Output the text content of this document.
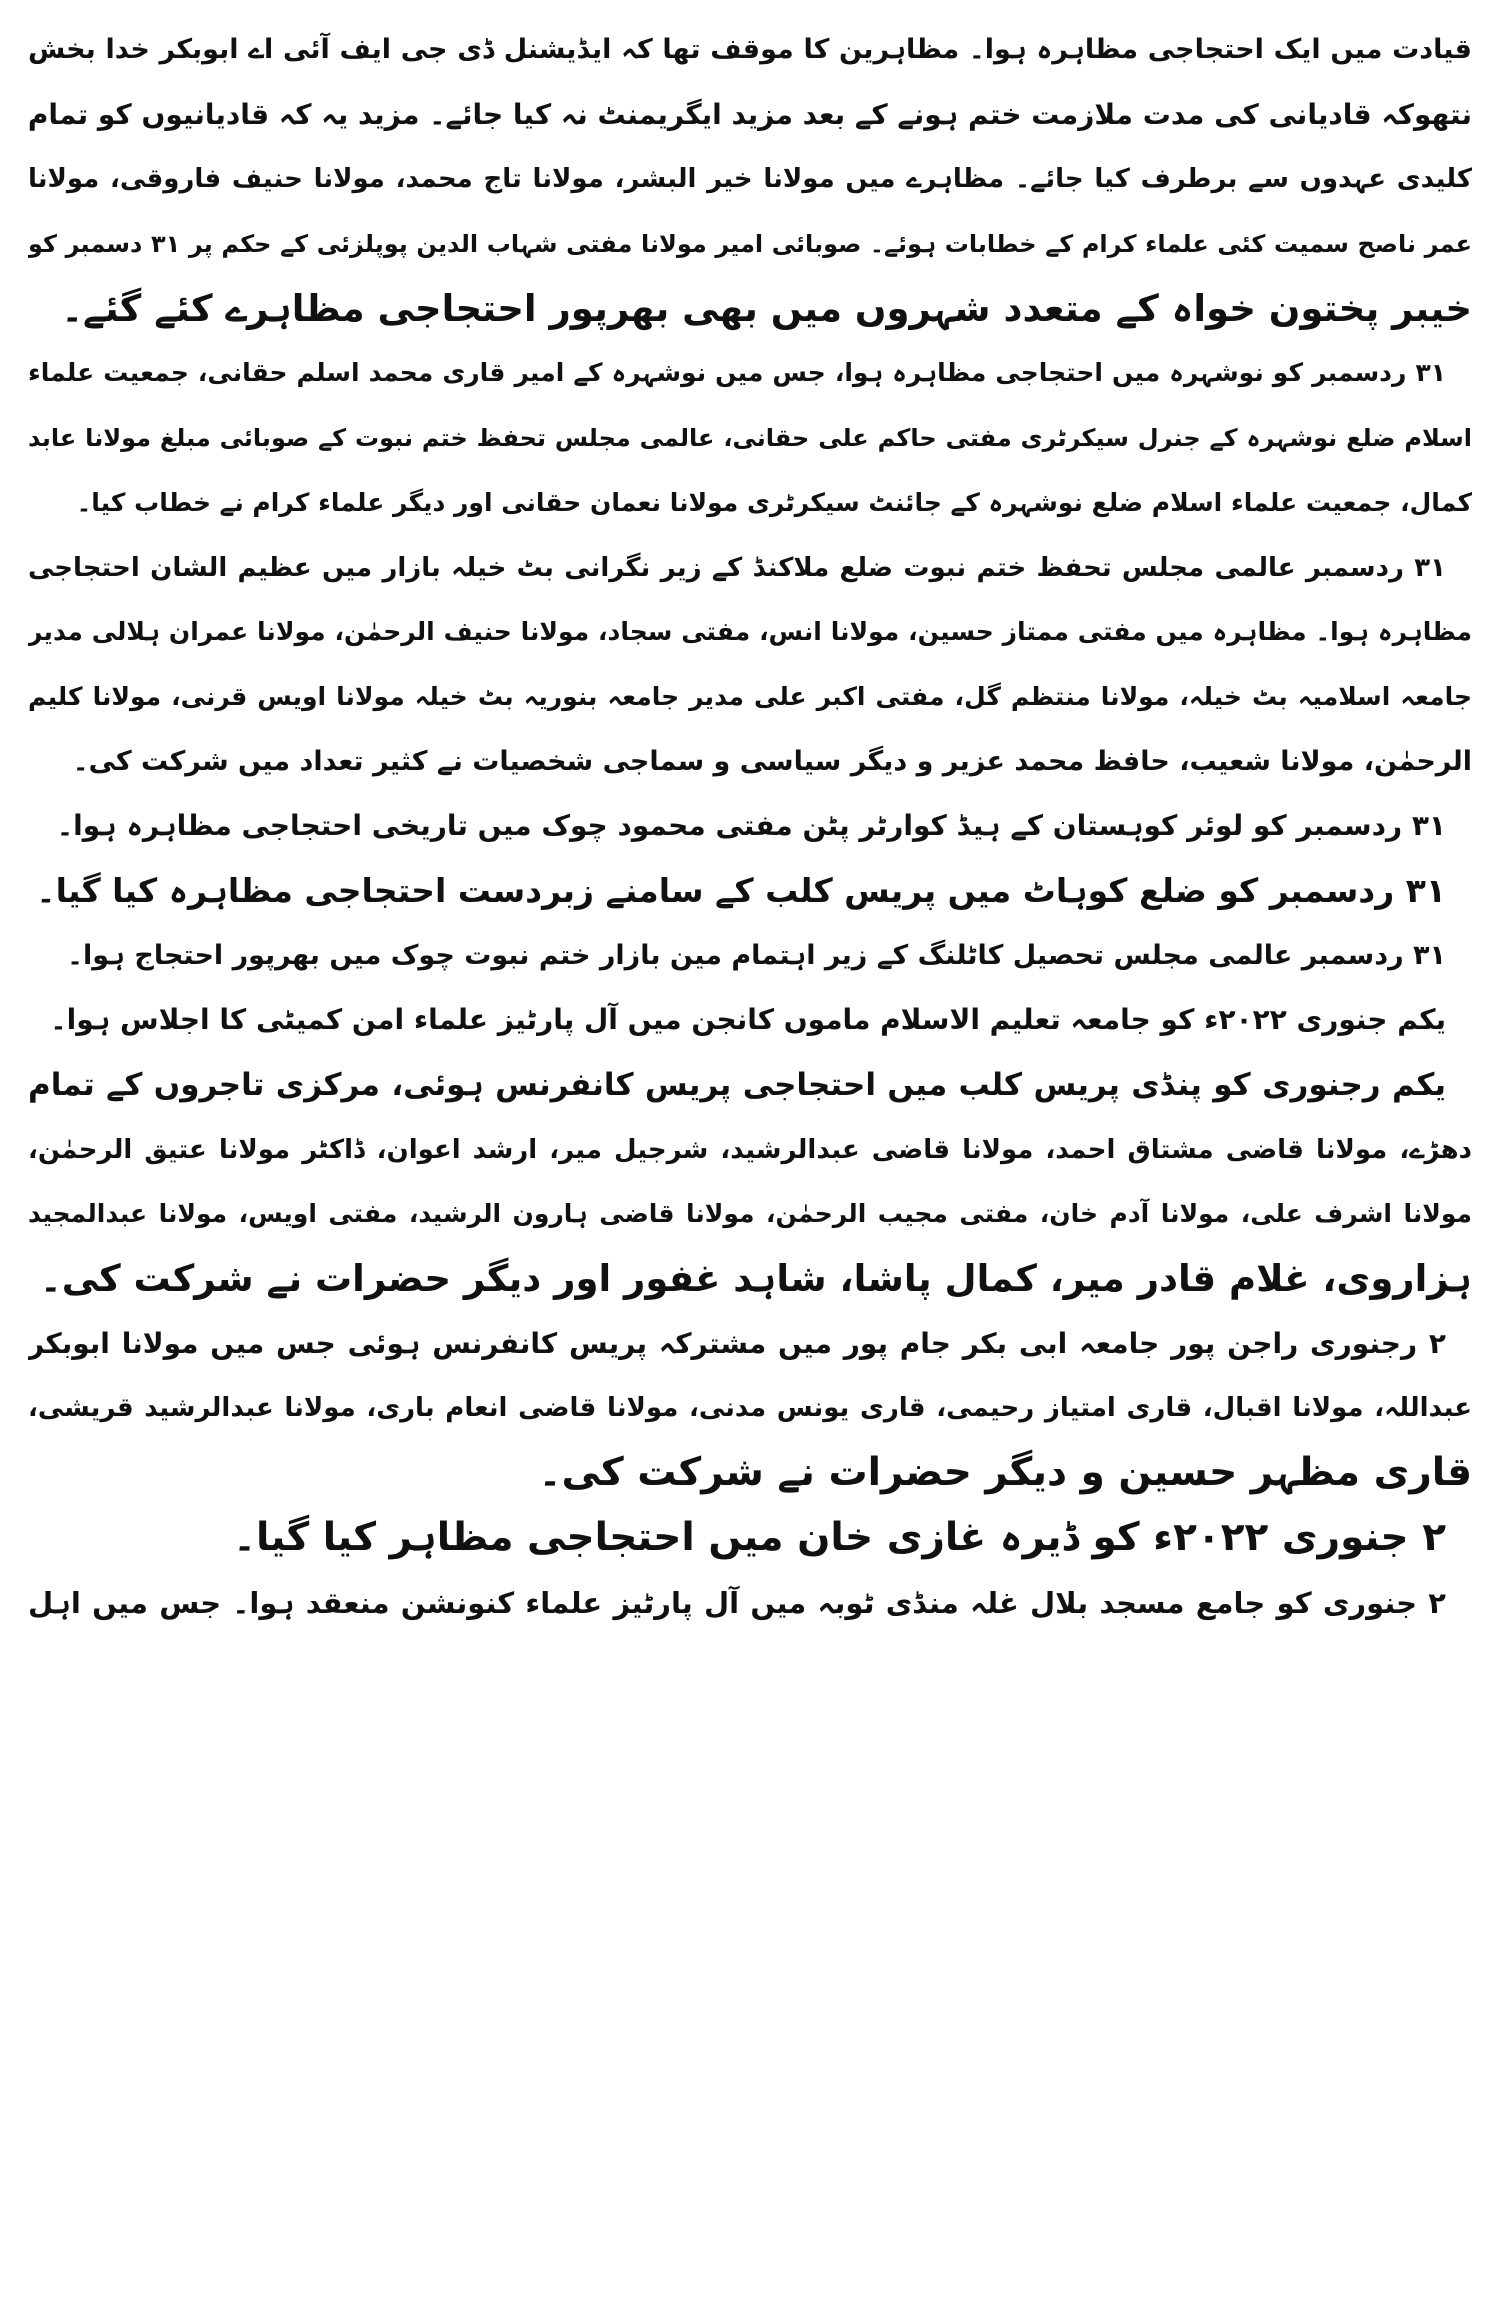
قیادت میں ایک احتجاجی مظاہرہ ہوا۔ مظاہرین کا موقف تھا کہ ایڈیشنل ڈی جی ایف آئی اے ابوبکر خدا بخش
نتھوکہ قادیانی کی مدت ملازمت ختم ہونے کے بعد مزید ایگریمنٹ نہ کیا جائے۔ مزید یہ کہ قادیانیوں کو تمام
کلیدی عہدوں سے برطرف کیا جائے۔ مظاہرے میں مولانا خیر البشر، مولانا تاج محمد، مولانا حنیف فاروقی، مولانا
عمر ناصح سمیت کئی علماء کرام کے خطابات ہوئے۔ صوبائی امیر مولانا مفتی شہاب الدین پوپلزئی کے حکم پر ۳۱ دسمبر کو
خیبر پختون خواہ کے متعدد شہروں میں بھی بھرپور احتجاجی مظاہرے کئے گئے۔
۳۱ ردسمبر کو نوشہرہ میں احتجاجی مظاہرہ ہوا، جس میں نوشہرہ کے امیر قاری محمد اسلم حقانی، جمعیت علماء
اسلام ضلع نوشہرہ کے جنرل سیکرٹری مفتی حاکم علی حقانی، عالمی مجلس تحفظ ختم نبوت کے صوبائی مبلغ مولانا عابد
کمال، جمعیت علماء اسلام ضلع نوشہرہ کے جائنٹ سیکرٹری مولانا نعمان حقانی اور دیگر علماء کرام نے خطاب کیا۔
۳۱ ردسمبر عالمی مجلس تحفظ ختم نبوت ضلع ملاکنڈ کے زیر نگرانی بٹ خیلہ بازار میں عظیم الشان احتجاجی
مظاہرہ ہوا۔ مظاہرہ میں مفتی ممتاز حسین، مولانا انس، مفتی سجاد، مولانا حنیف الرحمٰن، مولانا عمران ہلالی مدیر
جامعہ اسلامیہ بٹ خیلہ، مولانا منتظم گل، مفتی اکبر علی مدیر جامعہ بنوریہ بٹ خیلہ مولانا اویس قرنی، مولانا کلیم
الرحمٰن، مولانا شعیب، حافظ محمد عزیر و دیگر سیاسی و سماجی شخصیات نے کثیر تعداد میں شرکت کی۔
۳۱ ردسمبر کو لوئر کوہستان کے ہیڈ کوارٹر پٹن مفتی محمود چوک میں تاریخی احتجاجی مظاہرہ ہوا۔
۳۱ ردسمبر کو ضلع کوہاٹ میں پریس کلب کے سامنے زبردست احتجاجی مظاہرہ کیا گیا۔
۳۱ ردسمبر عالمی مجلس تحصیل کاٹلنگ کے زیر اہتمام مین بازار ختم نبوت چوک میں بھرپور احتجاج ہوا۔
یکم جنوری ۲۰۲۲ء کو جامعہ تعلیم الاسلام ماموں کانجن میں آل پارٹیز علماء امن کمیٹی کا اجلاس ہوا۔
یکم رجنوری کو پنڈی پریس کلب میں احتجاجی پریس کانفرنس ہوئی، مرکزی تاجروں کے تمام
دھڑے، مولانا قاضی مشتاق احمد، مولانا قاضی عبدالرشید، شرجیل میر، ارشد اعوان، ڈاکٹر مولانا عتیق الرحمٰن،
مولانا اشرف علی، مولانا آدم خان، مفتی مجیب الرحمٰن، مولانا قاضی ہارون الرشید، مفتی اویس، مولانا عبدالمجید
ہزاروی، غلام قادر میر، کمال پاشا، شاہد غفور اور دیگر حضرات نے شرکت کی۔
۲ رجنوری راجن پور جامعہ ابی بکر جام پور میں مشترکہ پریس کانفرنس ہوئی جس میں مولانا ابوبکر
عبداللہ، مولانا اقبال، قاری امتیاز رحیمی، قاری یونس مدنی، مولانا قاضی انعام باری، مولانا عبدالرشید قریشی،
قاری مظہر حسین و دیگر حضرات نے شرکت کی۔
۲ جنوری ۲۰۲۲ء کو ڈیرہ غازی خان میں احتجاجی مظاہر کیا گیا۔
۲ جنوری کو جامع مسجد بلال غلہ منڈی ٹوبہ میں آل پارٹیز علماء کنونشن منعقد ہوا۔ جس میں اہل
